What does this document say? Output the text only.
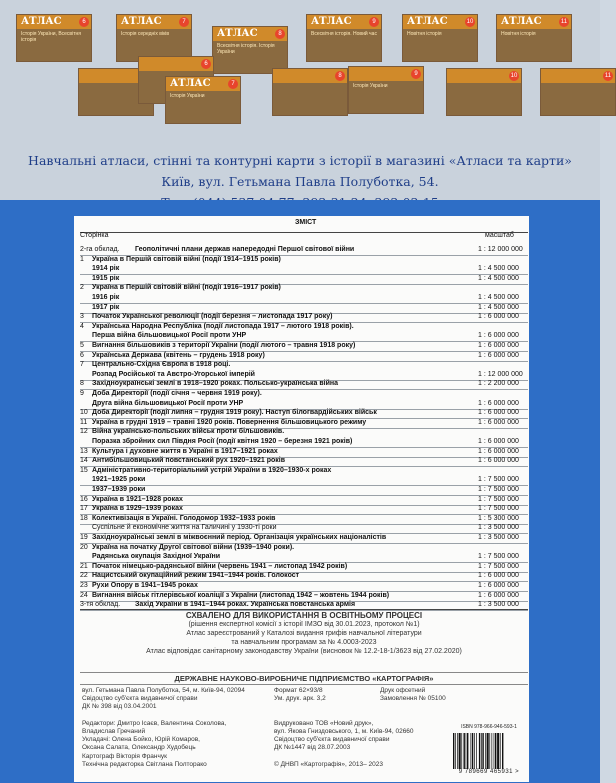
АТЛАС
Історія України, Всесвітня історія
6	АТЛАС
Історія середніх віків
7
АТЛАС
Всесвітня історія. Історія України
8
АТЛАС
Всесвітня історія. Новий час
9	АТЛАС
Новітня історія
10	АТЛАС
Новітня історія
11
6
АТЛАС
Історія України
7
8
Історія України
9	10	11
Навчальні атласи, стінні та контурні карти з історії в магазині «Атласи та карти»
Київ, вул. Гетьмана Павла Полуботка, 54.
ЗМІСТ
Сторінка	масштаб
2-га обклад.	Геополітичні плани держав напередодні Першої світової війни	1 : 12 000 000
1	Україна в Першій світовій війні (події 1914–1915 років)
1914 рік	1 : 4 500 000
1915 рік	1 : 4 500 000
2	Україна в Першій світовій війні (події 1916–1917 років)
1916 рік	1 : 4 500 000
1917 рік	1 : 4 500 000
3	Початок Української революції (події березня – листопада 1917 року)	1 : 6 000 000
4	Українська Народна Республіка (події листопада 1917 – лютого 1918 років).
Перша війна більшовицької Росії проти УНР	1 : 6 000 000
5	Вигнання більшовиків з території України (події лютого – травня 1918 року)	1 : 6 000 000
6	Українська Держава (квітень – грудень 1918 року)	1 : 6 000 000
7	Центрально-Східна Європа в 1918 році.
Розпад Російської та Австро-Угорської імперій	1 : 12 000 000
8	Західноукраїнські землі в 1918–1920 роках. Польсько-українська війна	1 : 2 200 000
9	Доба Директорії (події січня – червня 1919 року).
Друга війна більшовицької Росії проти УНР	1 : 6 000 000
10 Доба Директорії (події липня – грудня 1919 року). Наступ білогвардійських військ	1 : 6 000 000
11 Україна в грудні 1919 – травні 1920 років. Повернення більшовицького режиму	1 : 6 000 000
12 Війна українсько-польських військ проти більшовиків.
Поразка збройних сил Півдня Росії (події квітня 1920 – березня 1921 років)	1 : 6 000 000
13 Культура і духовне життя в Україні в 1917–1921 роках	1 : 6 000 000
14 Антибільшовицький повстанський рух 1920–1921 років	1 : 6 000 000
15 Адміністративно-територіальний устрій України в 1920–1930-х роках
1921–1925 роки	1 : 7 500 000
1937–1939 роки	1 : 7 500 000
16 Україна в 1921–1928 роках	1 : 7 500 000
17 Україна в 1929–1939 роках	1 : 7 500 000
18 Колективізація в Україні. Голодомор 1932–1933 років	1 : 5 300 000
Суспільне й економічне життя на Галичині у 1930-ті роки	1 : 3 500 000
19 Західноукраїнські землі в міжвоєнний період. Організація українських націоналістів	1 : 3 500 000
20 Україна на початку Другої світової війни (1939–1940 роки).
Радянська окупація Західної України	1 : 7 500 000
21 Початок німецько-радянської війни (червень 1941 – листопад 1942 років)	1 : 7 500 000
22 Нацистський окупаційний режим 1941–1944 років. Голокост	1 : 6 000 000
23 Рухи Опору в 1941–1945 роках	1 : 6 000 000
24 Вигнання військ гітлерівської коаліції з України (листопад 1942 – жовтень 1944 років)	1 : 6 000 000
3-тя обклад.	Захід України в 1941–1944 роках. Українська повстанська армія	1 : 3 500 000
СХВАЛЕНО ДЛЯ ВИКОРИСТАННЯ В ОСВІТНЬОМУ ПРОЦЕСІ
(рішення експертної комісії з історії ІМЗО від 30.01.2023, протокол №1)
Атлас зареєстрований у Каталозі видання грифів навчальної літератури
та навчальним програмам за № 4.0003-2023
Атлас відповідає санітарному законодавству України (висновок № 12.2-18-1/3623 від 27.02.2020)
ДЕРЖАВНЕ НАУКОВО-ВИРОБНИЧЕ ПІДПРИЄМСТВО «КАРТОГРАФІЯ»
вул. Гетьмана Павла Полуботка, 54, м. Київ-94, 02094
Свідоцтво суб'єкта видавничої справи
ДК № 398 від 03.04.2001

Редактори: Дмитро Ісаєв, Валентина Соколова,
Владислав Гречаний
Укладачі: Олена Бойко, Юрій Комаров,
Оксана Салата, Олександр Худобець
Картограф Вікторія Франчук
Технічна редакторка Світлана Полторако
Формат 62×93/8
Ум. друк. арк. 3,2

Видруковано ТОВ «Новий друк»,
вул. Якова Гниздовського, 1, м. Київ-94, 02660
Свідоцтво суб'єкта видавничої справи
ДК №1447 від 28.07.2003

© ДНВП «Картографія», 2013– 2023
Друк офсетний
Замовлення № 05100
ISBN 978-966-946-593-1
9 789669 465931 >
